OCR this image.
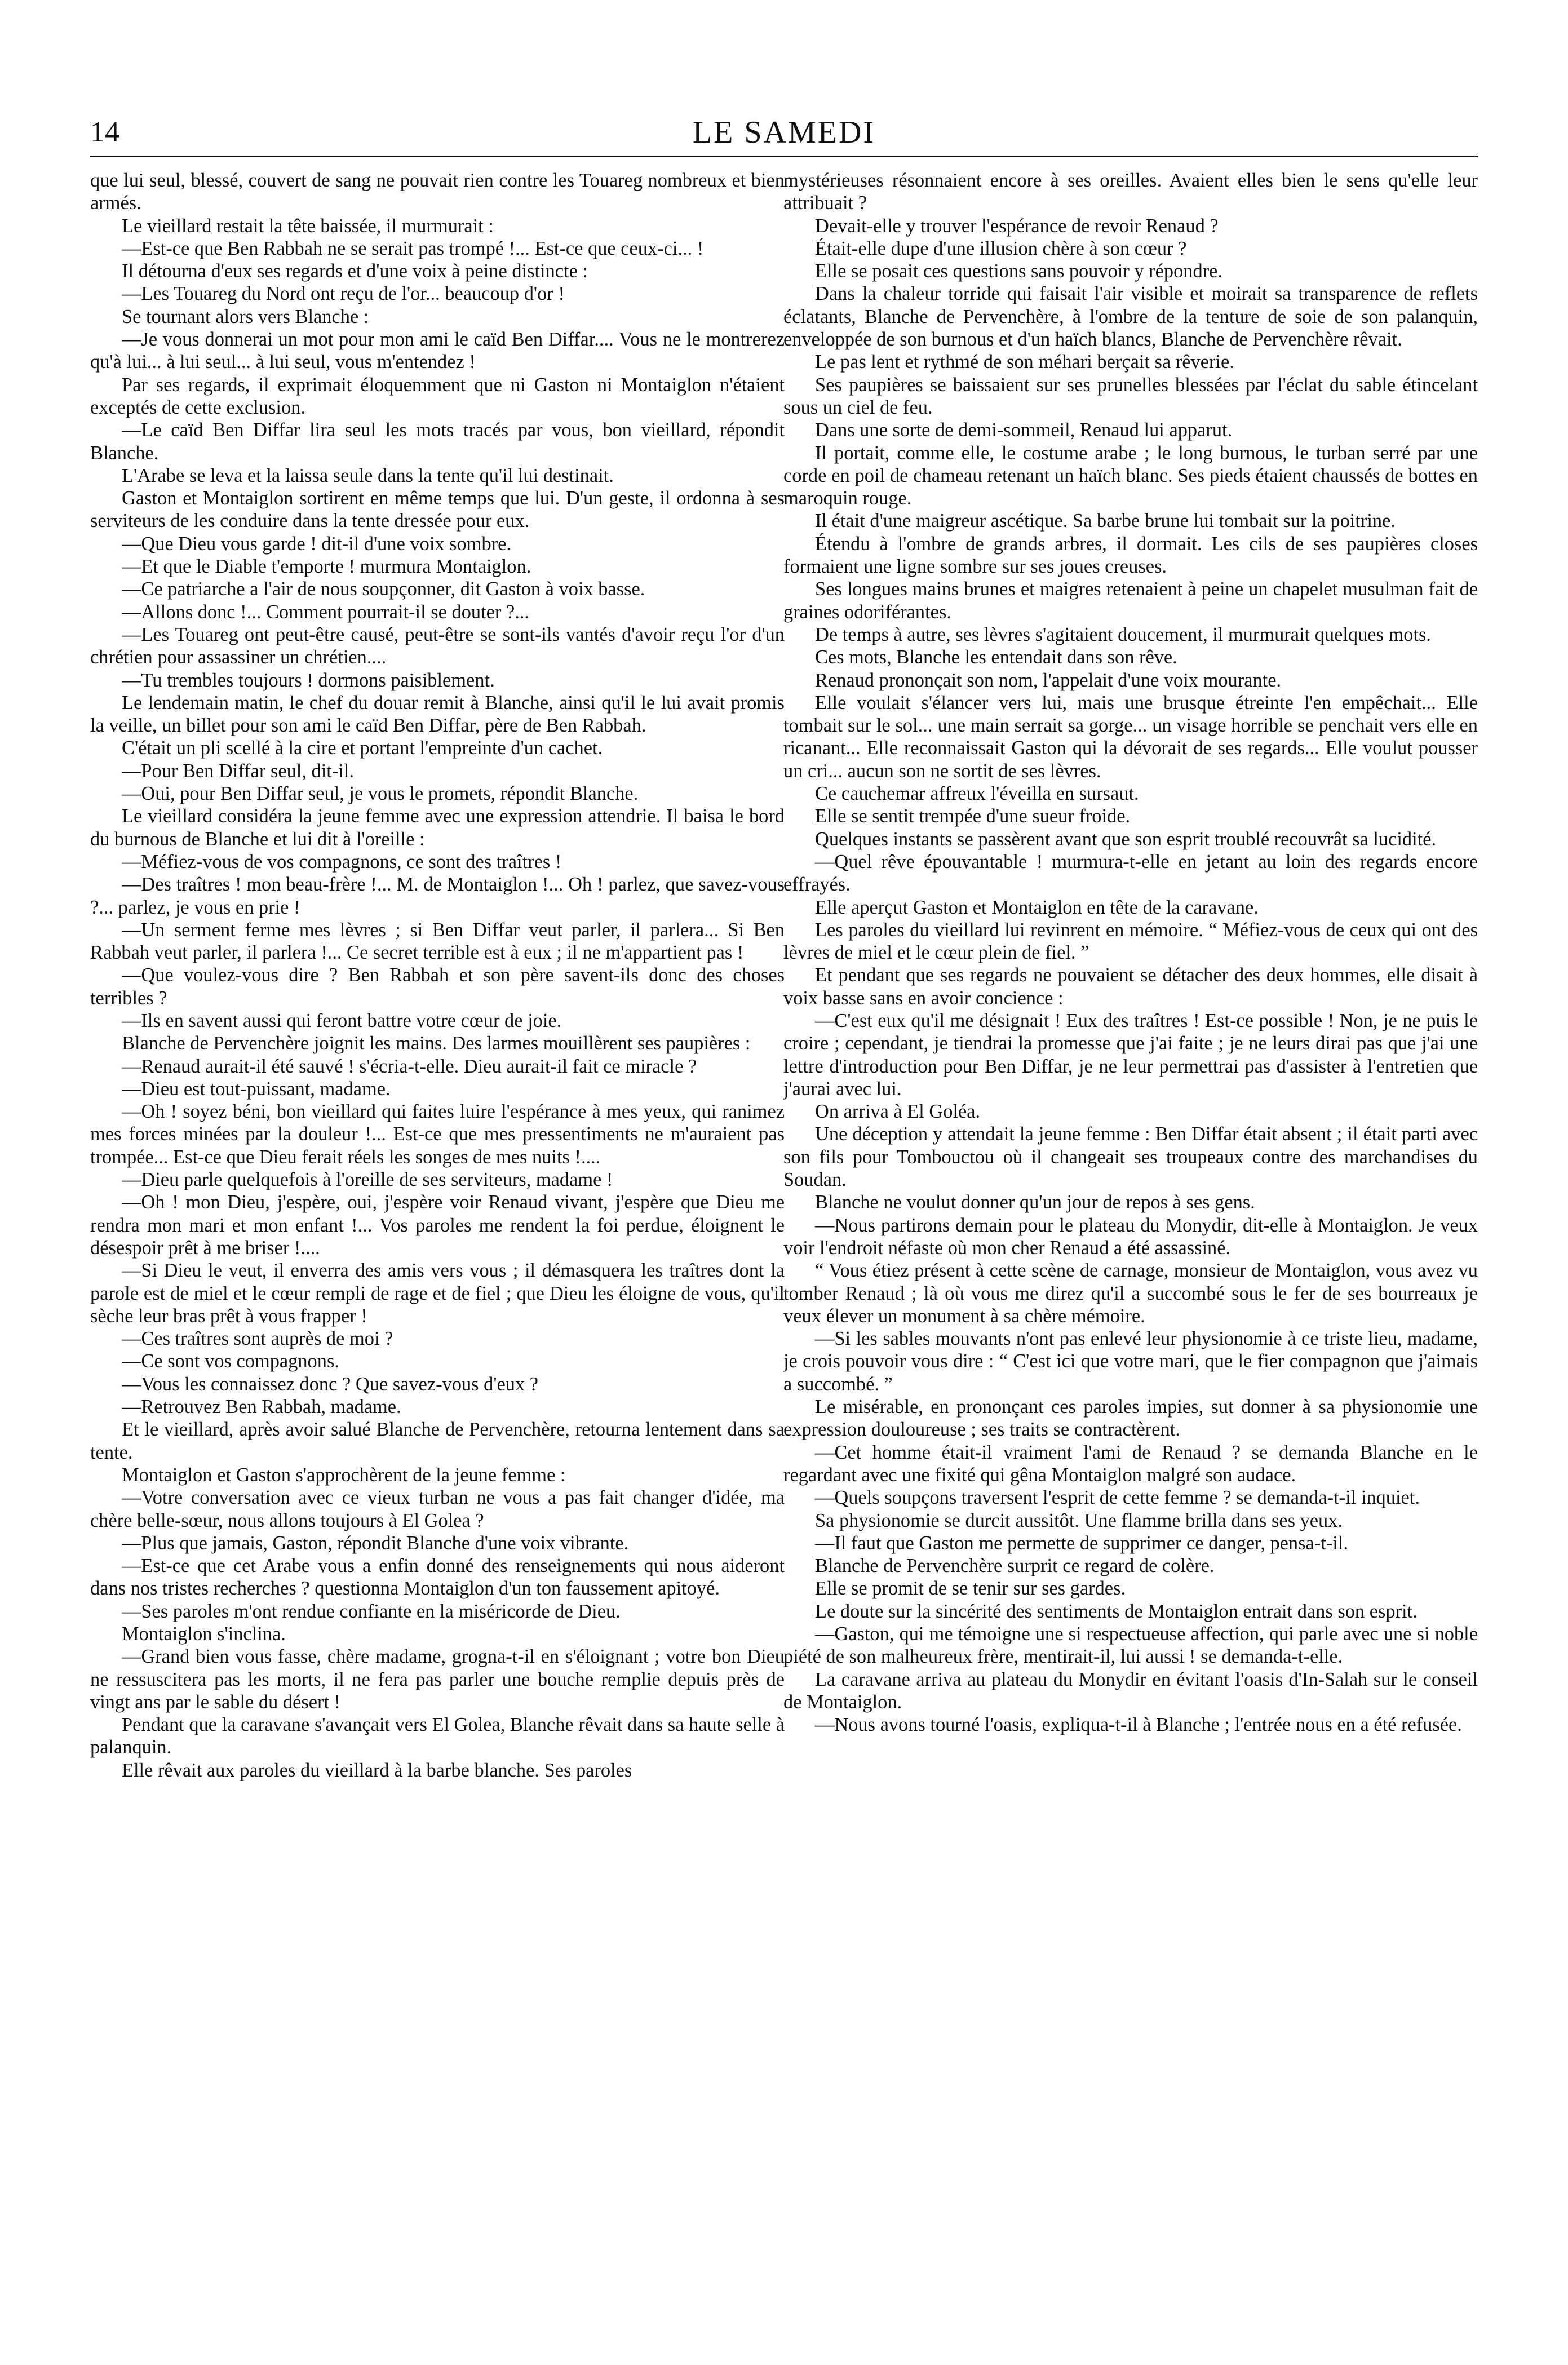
14	LE SAMEDI

que lui seul, blessé, couvert de sang ne pouvait rien contre les Touareg nombreux et bien armés.

Le vieillard restait la tête baissée, il murmurait :

—Est-ce que Ben Rabbah ne se serait pas trompé !... Est-ce que ceux-ci... !

Il détourna d'eux ses regards et d'une voix à peine distincte :

—Les Touareg du Nord ont reçu de l'or... beaucoup d'or !

Se tournant alors vers Blanche :

—Je vous donnerai un mot pour mon ami le caïd Ben Diffar.... Vous ne le montrerez qu'à lui... à lui seul... à lui seul, vous m'entendez !

Par ses regards, il exprimait éloquemment que ni Gaston ni Montaiglon n'étaient exceptés de cette exclusion.

—Le caïd Ben Diffar lira seul les mots tracés par vous, bon vieillard, répondit Blanche.

L'Arabe se leva et la laissa seule dans la tente qu'il lui destinait.

Gaston et Montaiglon sortirent en même temps que lui. D'un geste, il ordonna à ses serviteurs de les conduire dans la tente dressée pour eux.

—Que Dieu vous garde ! dit-il d'une voix sombre.

—Et que le Diable t'emporte ! murmura Montaiglon.

—Ce patriarche a l'air de nous soupçonner, dit Gaston à voix basse.

—Allons donc !... Comment pourrait-il se douter ?...

—Les Touareg ont peut-être causé, peut-être se sont-ils vantés d'avoir reçu l'or d'un chrétien pour assassiner un chrétien....

—Tu trembles toujours ! dormons paisiblement.

Le lendemain matin, le chef du douar remit à Blanche, ainsi qu'il le lui avait promis la veille, un billet pour son ami le caïd Ben Diffar, père de Ben Rabbah.

C'était un pli scellé à la cire et portant l'empreinte d'un cachet.

—Pour Ben Diffar seul, dit-il.

—Oui, pour Ben Diffar seul, je vous le promets, répondit Blanche.

Le vieillard considéra la jeune femme avec une expression attendrie. Il baisa le bord du burnous de Blanche et lui dit à l'oreille :

—Méfiez-vous de vos compagnons, ce sont des traîtres !

—Des traîtres ! mon beau-frère !... M. de Montaiglon !... Oh ! parlez, que savez-vous ?... parlez, je vous en prie !

—Un serment ferme mes lèvres ; si Ben Diffar veut parler, il parlera... Si Ben Rabbah veut parler, il parlera !... Ce secret terrible est à eux ; il ne m'appartient pas !

—Que voulez-vous dire ? Ben Rabbah et son père savent-ils donc des choses terribles ?

—Ils en savent aussi qui feront battre votre cœur de joie.

Blanche de Pervenchère joignit les mains. Des larmes mouillèrent ses paupières :

—Renaud aurait-il été sauvé ! s'écria-t-elle. Dieu aurait-il fait ce miracle ?

—Dieu est tout-puissant, madame.

—Oh ! soyez béni, bon vieillard qui faites luire l'espérance à mes yeux, qui ranimez mes forces minées par la douleur !... Est-ce que mes pressentiments ne m'auraient pas trompée... Est-ce que Dieu ferait réels les songes de mes nuits !....

—Dieu parle quelquefois à l'oreille de ses serviteurs, madame !

—Oh ! mon Dieu, j'espère, oui, j'espère voir Renaud vivant, j'espère que Dieu me rendra mon mari et mon enfant !... Vos paroles me rendent la foi perdue, éloignent le désespoir prêt à me briser !....

—Si Dieu le veut, il enverra des amis vers vous ; il démasquera les traîtres dont la parole est de miel et le cœur rempli de rage et de fiel ; que Dieu les éloigne de vous, qu'il sèche leur bras prêt à vous frapper !

—Ces traîtres sont auprès de moi ?

—Ce sont vos compagnons.

—Vous les connaissez donc ? Que savez-vous d'eux ?

—Retrouvez Ben Rabbah, madame.

Et le vieillard, après avoir salué Blanche de Pervenchère, retourna lentement dans sa tente.

Montaiglon et Gaston s'approchèrent de la jeune femme :

—Votre conversation avec ce vieux turban ne vous a pas fait changer d'idée, ma chère belle-sœur, nous allons toujours à El Golea ?

—Plus que jamais, Gaston, répondit Blanche d'une voix vibrante.

—Est-ce que cet Arabe vous a enfin donné des renseignements qui nous aideront dans nos tristes recherches ? questionna Montaiglon d'un ton faussement apitoyé.

—Ses paroles m'ont rendue confiante en la miséricorde de Dieu.

Montaiglon s'inclina.

—Grand bien vous fasse, chère madame, grogna-t-il en s'éloignant ; votre bon Dieu ne ressuscitera pas les morts, il ne fera pas parler une bouche remplie depuis près de vingt ans par le sable du désert !

Pendant que la caravane s'avançait vers El Golea, Blanche rêvait dans sa haute selle à palanquin.

Elle rêvait aux paroles du vieillard à la barbe blanche. Ses paroles

mystérieuses résonnaient encore à ses oreilles. Avaient elles bien le sens qu'elle leur attribuait ?

Devait-elle y trouver l'espérance de revoir Renaud ?

Était-elle dupe d'une illusion chère à son cœur ?

Elle se posait ces questions sans pouvoir y répondre.

Dans la chaleur torride qui faisait l'air visible et moirait sa transparence de reflets éclatants, Blanche de Pervenchère, à l'ombre de la tenture de soie de son palanquin, enveloppée de son burnous et d'un haïch blancs, Blanche de Pervenchère rêvait.

Le pas lent et rythmé de son méhari berçait sa rêverie.

Ses paupières se baissaient sur ses prunelles blessées par l'éclat du sable étincelant sous un ciel de feu.

Dans une sorte de demi-sommeil, Renaud lui apparut.

Il portait, comme elle, le costume arabe ; le long burnous, le turban serré par une corde en poil de chameau retenant un haïch blanc. Ses pieds étaient chaussés de bottes en maroquin rouge.

Il était d'une maigreur ascétique. Sa barbe brune lui tombait sur la poitrine.

Étendu à l'ombre de grands arbres, il dormait. Les cils de ses paupières closes formaient une ligne sombre sur ses joues creuses.

Ses longues mains brunes et maigres retenaient à peine un chapelet musulman fait de graines odoriférantes.

De temps à autre, ses lèvres s'agitaient doucement, il murmurait quelques mots.

Ces mots, Blanche les entendait dans son rêve.

Renaud prononçait son nom, l'appelait d'une voix mourante.

Elle voulait s'élancer vers lui, mais une brusque étreinte l'en empêchait... Elle tombait sur le sol... une main serrait sa gorge... un visage horrible se penchait vers elle en ricanant... Elle reconnaissait Gaston qui la dévorait de ses regards... Elle voulut pousser un cri... aucun son ne sortit de ses lèvres.

Ce cauchemar affreux l'éveilla en sursaut.

Elle se sentit trempée d'une sueur froide.

Quelques instants se passèrent avant que son esprit troublé recouvrât sa lucidité.

—Quel rêve épouvantable ! murmura-t-elle en jetant au loin des regards encore effrayés.

Elle aperçut Gaston et Montaiglon en tête de la caravane.

Les paroles du vieillard lui revinrent en mémoire. “ Méfiez-vous de ceux qui ont des lèvres de miel et le cœur plein de fiel. ”

Et pendant que ses regards ne pouvaient se détacher des deux hommes, elle disait à voix basse sans en avoir concience :

—C'est eux qu'il me désignait ! Eux des traîtres ! Est-ce possible ! Non, je ne puis le croire ; cependant, je tiendrai la promesse que j'ai faite ; je ne leurs dirai pas que j'ai une lettre d'introduction pour Ben Diffar, je ne leur permettrai pas d'assister à l'entretien que j'aurai avec lui.

On arriva à El Goléa.

Une déception y attendait la jeune femme : Ben Diffar était absent ; il était parti avec son fils pour Tombouctou où il changeait ses troupeaux contre des marchandises du Soudan.

Blanche ne voulut donner qu'un jour de repos à ses gens.

—Nous partirons demain pour le plateau du Monydir, dit-elle à Montaiglon. Je veux voir l'endroit néfaste où mon cher Renaud a été assassiné.

“ Vous étiez présent à cette scène de carnage, monsieur de Montaiglon, vous avez vu tomber Renaud ; là où vous me direz qu'il a succombé sous le fer de ses bourreaux je veux élever un monument à sa chère mémoire.

—Si les sables mouvants n'ont pas enlevé leur physionomie à ce triste lieu, madame, je crois pouvoir vous dire : “ C'est ici que votre mari, que le fier compagnon que j'aimais a succombé. ”

Le misérable, en prononçant ces paroles impies, sut donner à sa physionomie une expression douloureuse ; ses traits se contractèrent.

—Cet homme était-il vraiment l'ami de Renaud ? se demanda Blanche en le regardant avec une fixité qui gêna Montaiglon malgré son audace.

—Quels soupçons traversent l'esprit de cette femme ? se demanda-t-il inquiet.

Sa physionomie se durcit aussitôt. Une flamme brilla dans ses yeux.

—Il faut que Gaston me permette de supprimer ce danger, pensa-t-il.

Blanche de Pervenchère surprit ce regard de colère.

Elle se promit de se tenir sur ses gardes.

Le doute sur la sincérité des sentiments de Montaiglon entrait dans son esprit.

—Gaston, qui me témoigne une si respectueuse affection, qui parle avec une si noble piété de son malheureux frère, mentirait-il, lui aussi ! se demanda-t-elle.

La caravane arriva au plateau du Monydir en évitant l'oasis d'In-Salah sur le conseil de Montaiglon.

—Nous avons tourné l'oasis, expliqua-t-il à Blanche ; l'entrée nous en a été refusée.
